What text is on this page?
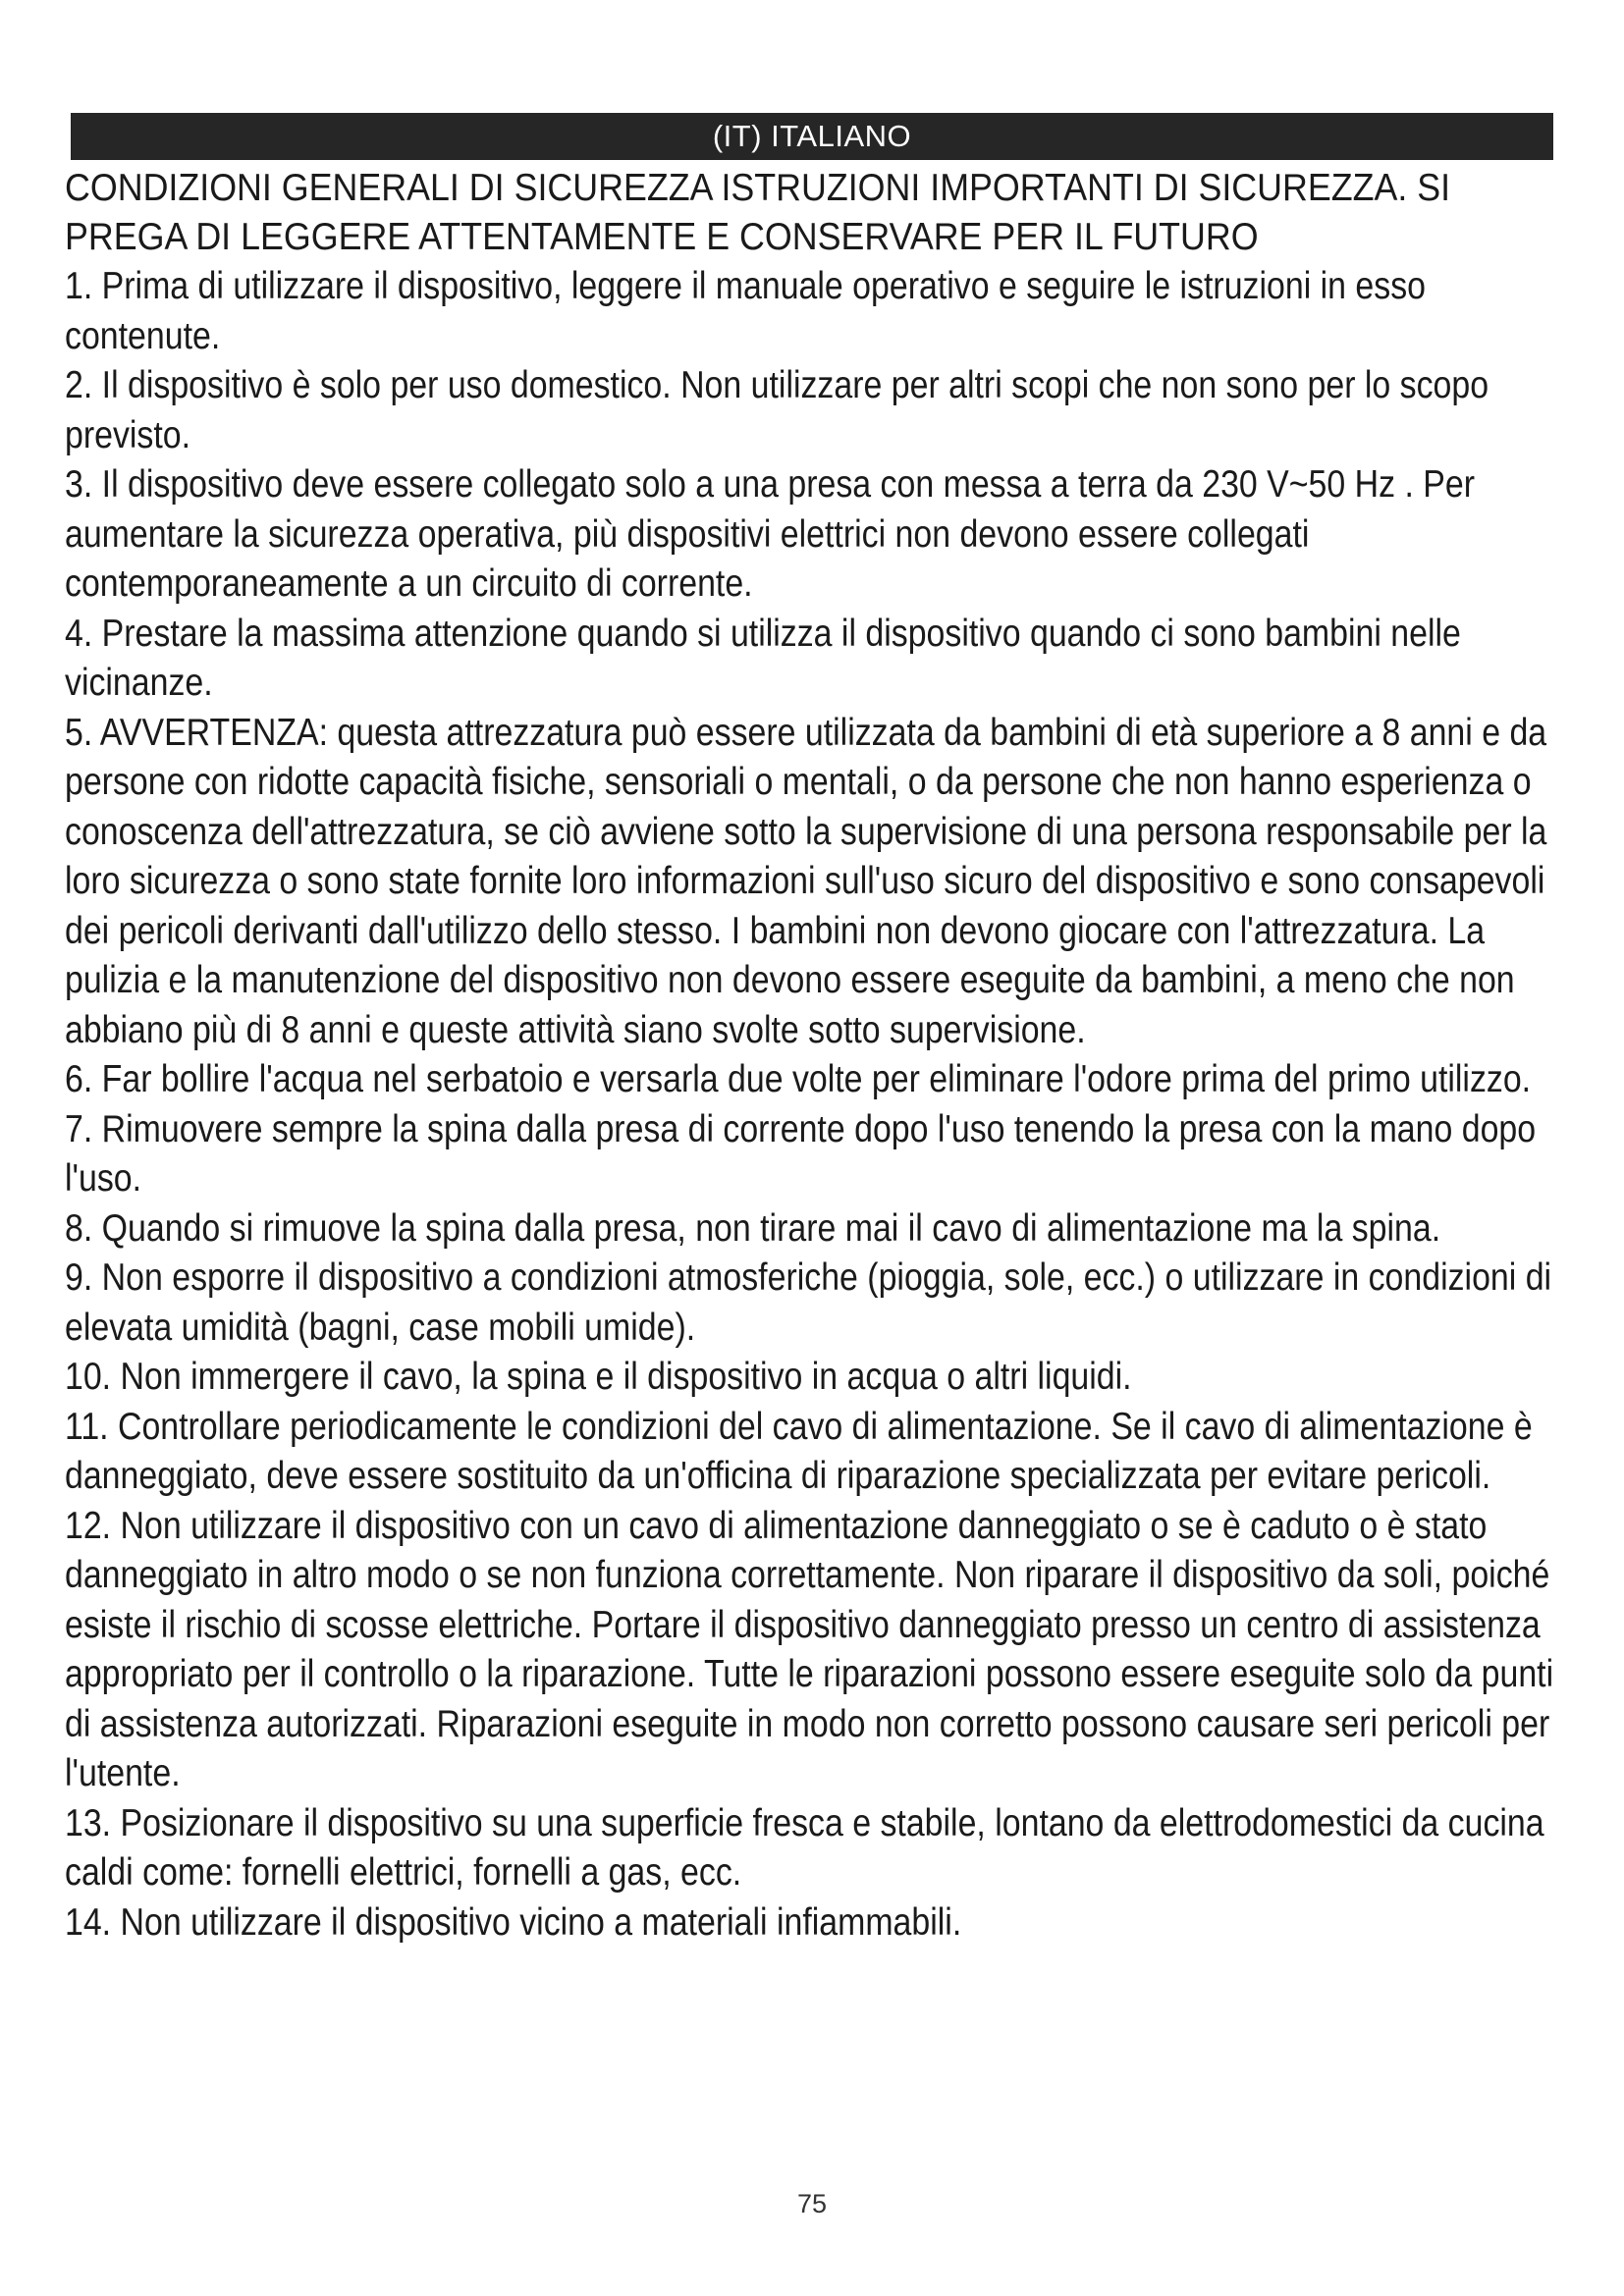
(IT) ITALIANO
CONDIZIONI GENERALI DI SICUREZZA ISTRUZIONI IMPORTANTI DI SICUREZZA. SI PREGA DI LEGGERE ATTENTAMENTE E CONSERVARE PER IL FUTURO
1. Prima di utilizzare il dispositivo, leggere il manuale operativo e seguire le istruzioni in esso contenute.
2. Il dispositivo è solo per uso domestico. Non utilizzare per altri scopi che non sono per lo scopo previsto.
3. Il dispositivo deve essere collegato solo a una presa con messa a terra da 230 V~50 Hz . Per aumentare la sicurezza operativa, più dispositivi elettrici non devono essere collegati contemporaneamente a un circuito di corrente.
4. Prestare la massima attenzione quando si utilizza il dispositivo quando ci sono bambini nelle vicinanze.
5. AVVERTENZA: questa attrezzatura può essere utilizzata da bambini di età superiore a 8 anni e da persone con ridotte capacità fisiche, sensoriali o mentali, o da persone che non hanno esperienza o conoscenza dell'attrezzatura, se ciò avviene sotto la supervisione di una persona responsabile per la loro sicurezza o sono state fornite loro informazioni sull'uso sicuro del dispositivo e sono consapevoli dei pericoli derivanti dall'utilizzo dello stesso. I bambini non devono giocare con l'attrezzatura. La pulizia e la manutenzione del dispositivo non devono essere eseguite da bambini, a meno che non abbiano più di 8 anni e queste attività siano svolte sotto supervisione.
6. Far bollire l'acqua nel serbatoio e versarla due volte per eliminare l'odore prima del primo utilizzo.
7. Rimuovere sempre la spina dalla presa di corrente dopo l'uso tenendo la presa con la mano dopo l'uso.
8. Quando si rimuove la spina dalla presa, non tirare mai il cavo di alimentazione ma la spina.
9. Non esporre il dispositivo a condizioni atmosferiche (pioggia, sole, ecc.) o utilizzare in condizioni di elevata umidità (bagni, case mobili umide).
10. Non immergere il cavo, la spina e il dispositivo in acqua o altri liquidi.
11. Controllare periodicamente le condizioni del cavo di alimentazione. Se il cavo di alimentazione è danneggiato, deve essere sostituito da un'officina di riparazione specializzata per evitare pericoli.
12. Non utilizzare il dispositivo con un cavo di alimentazione danneggiato o se è caduto o è stato danneggiato in altro modo o se non funziona correttamente. Non riparare il dispositivo da soli, poiché esiste il rischio di scosse elettriche. Portare il dispositivo danneggiato presso un centro di assistenza appropriato per il controllo o la riparazione. Tutte le riparazioni possono essere eseguite solo da punti di assistenza autorizzati. Riparazioni eseguite in modo non corretto possono causare seri pericoli per l'utente.
13. Posizionare il dispositivo su una superficie fresca e stabile, lontano da elettrodomestici da cucina caldi come: fornelli elettrici, fornelli a gas, ecc.
14. Non utilizzare il dispositivo vicino a materiali infiammabili.
75
